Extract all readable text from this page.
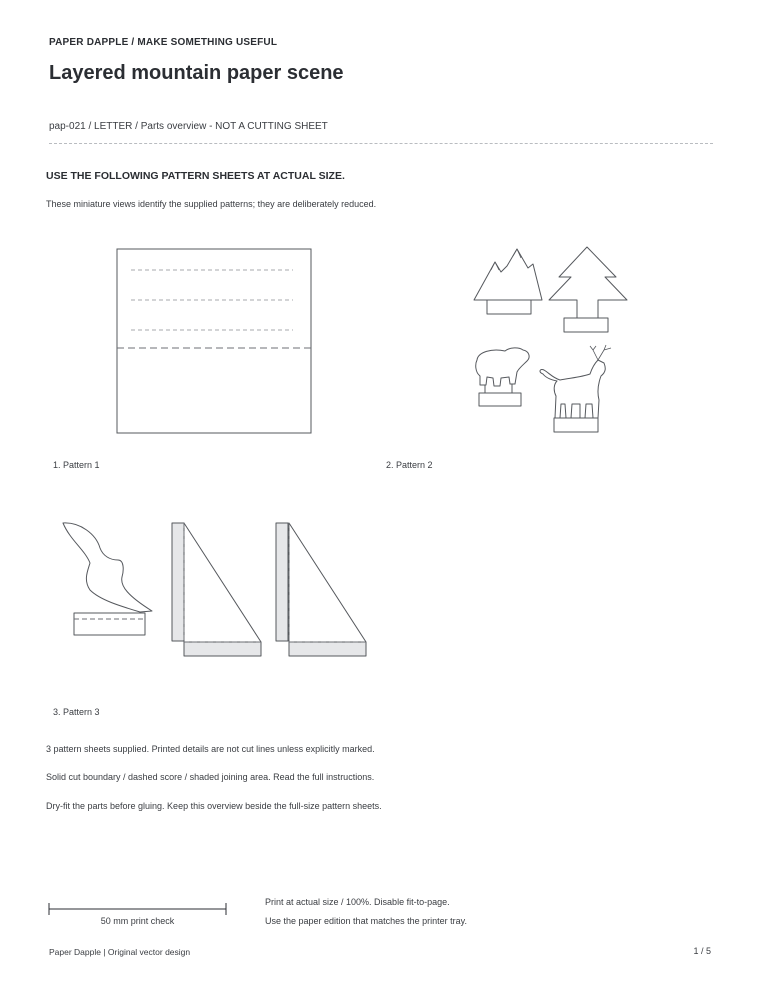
PAPER DAPPLE / MAKE SOMETHING USEFUL
Layered mountain paper scene
pap-021 / LETTER / Parts overview - NOT A CUTTING SHEET
USE THE FOLLOWING PATTERN SHEETS AT ACTUAL SIZE.
These miniature views identify the supplied patterns; they are deliberately reduced.
1. Pattern 1	2. Pattern 2
3. Pattern 3
3 pattern sheets supplied. Printed details are not cut lines unless explicitly marked.
Solid cut boundary / dashed score / shaded joining area. Read the full instructions.
Dry-fit the parts before gluing. Keep this overview beside the full-size pattern sheets.
50 mm print check
Print at actual size / 100%. Disable fit-to-page.
Use the paper edition that matches the printer tray.
Paper Dapple | Original vector design	1 / 5
